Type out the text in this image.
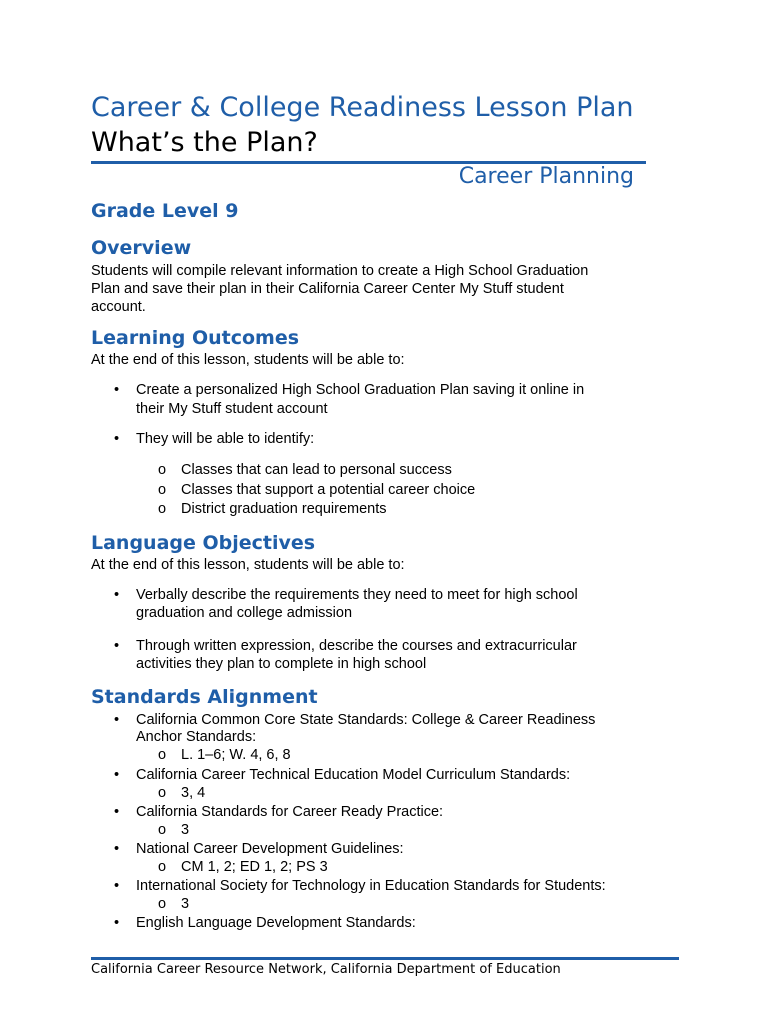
Career & College Readiness Lesson Plan
What’s the Plan?
Career Planning
Grade Level 9
Overview
Students will compile relevant information to create a High School Graduation
Plan and save their plan in their California Career Center My Stuff student
account.
Learning Outcomes
At the end of this lesson, students will be able to:
• Create a personalized High School Graduation Plan saving it online in
their My Stuff student account
• They will be able to identify:
o Classes that can lead to personal success
o Classes that support a potential career choice
o District graduation requirements
Language Objectives
At the end of this lesson, students will be able to:
• Verbally describe the requirements they need to meet for high school
graduation and college admission
• Through written expression, describe the courses and extracurricular
activities they plan to complete in high school
Standards Alignment
• California Common Core State Standards: College & Career Readiness
Anchor Standards:
o L. 1–6; W. 4, 6, 8
• California Career Technical Education Model Curriculum Standards:
o 3, 4
• California Standards for Career Ready Practice:
o 3
• National Career Development Guidelines:
o CM 1, 2; ED 1, 2; PS 3
• International Society for Technology in Education Standards for Students:
o 3
• English Language Development Standards:
California Career Resource Network, California Department of Education
